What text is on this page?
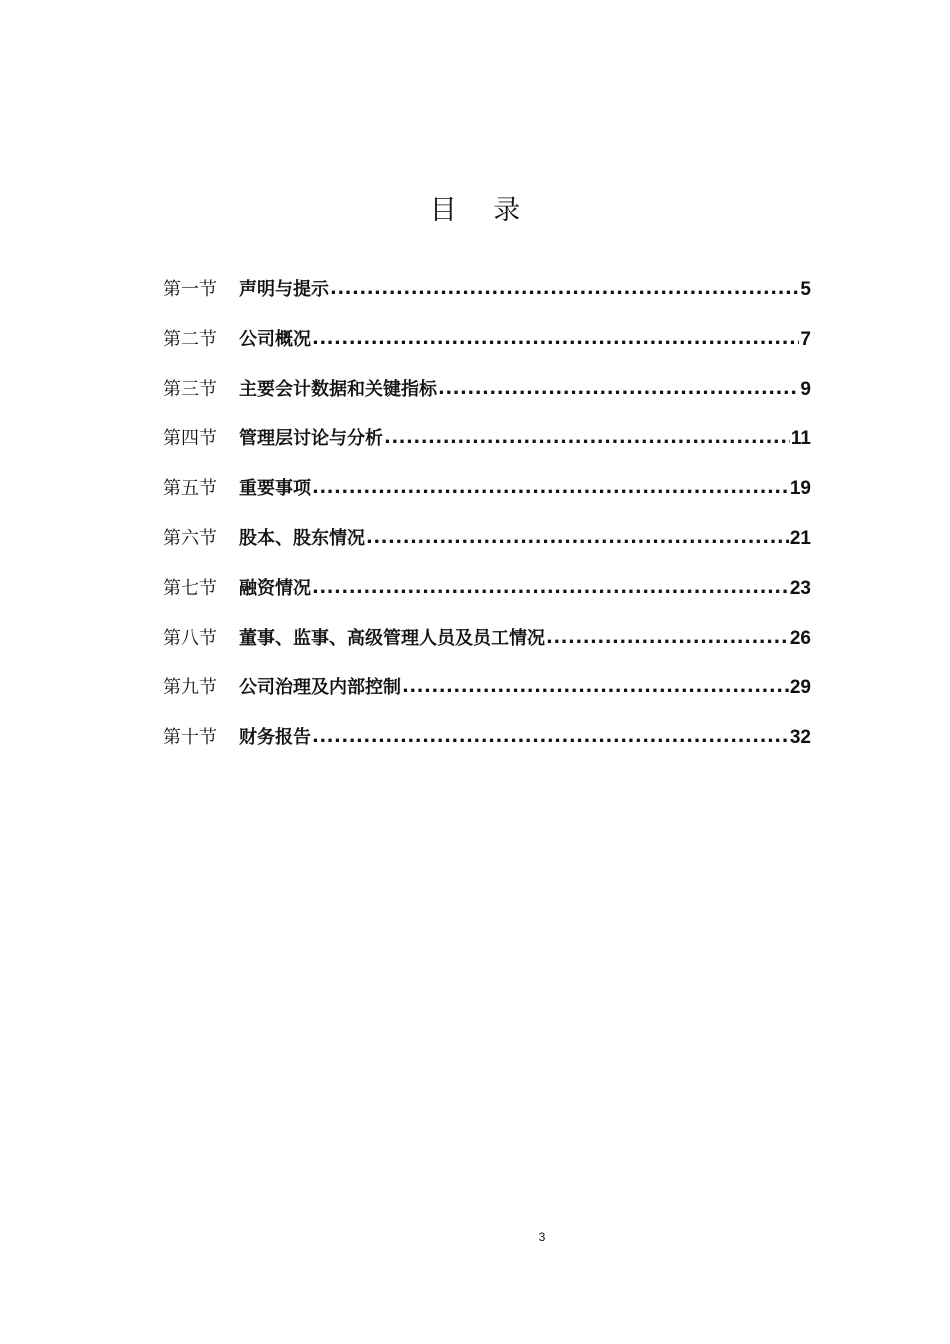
目 录
第一节	声明与提示 .....	5
第二节	公司概况 .....	7
第三节	主要会计数据和关键指标 .....	9
第四节	管理层讨论与分析 .....	11
第五节	重要事项 .....	19
第六节	股本、股东情况 .....	21
第七节	融资情况 .....	23
第八节	董事、监事、高级管理人员及员工情况 .....	26
第九节	公司治理及内部控制 .....	29
第十节	财务报告 .....	32
3
